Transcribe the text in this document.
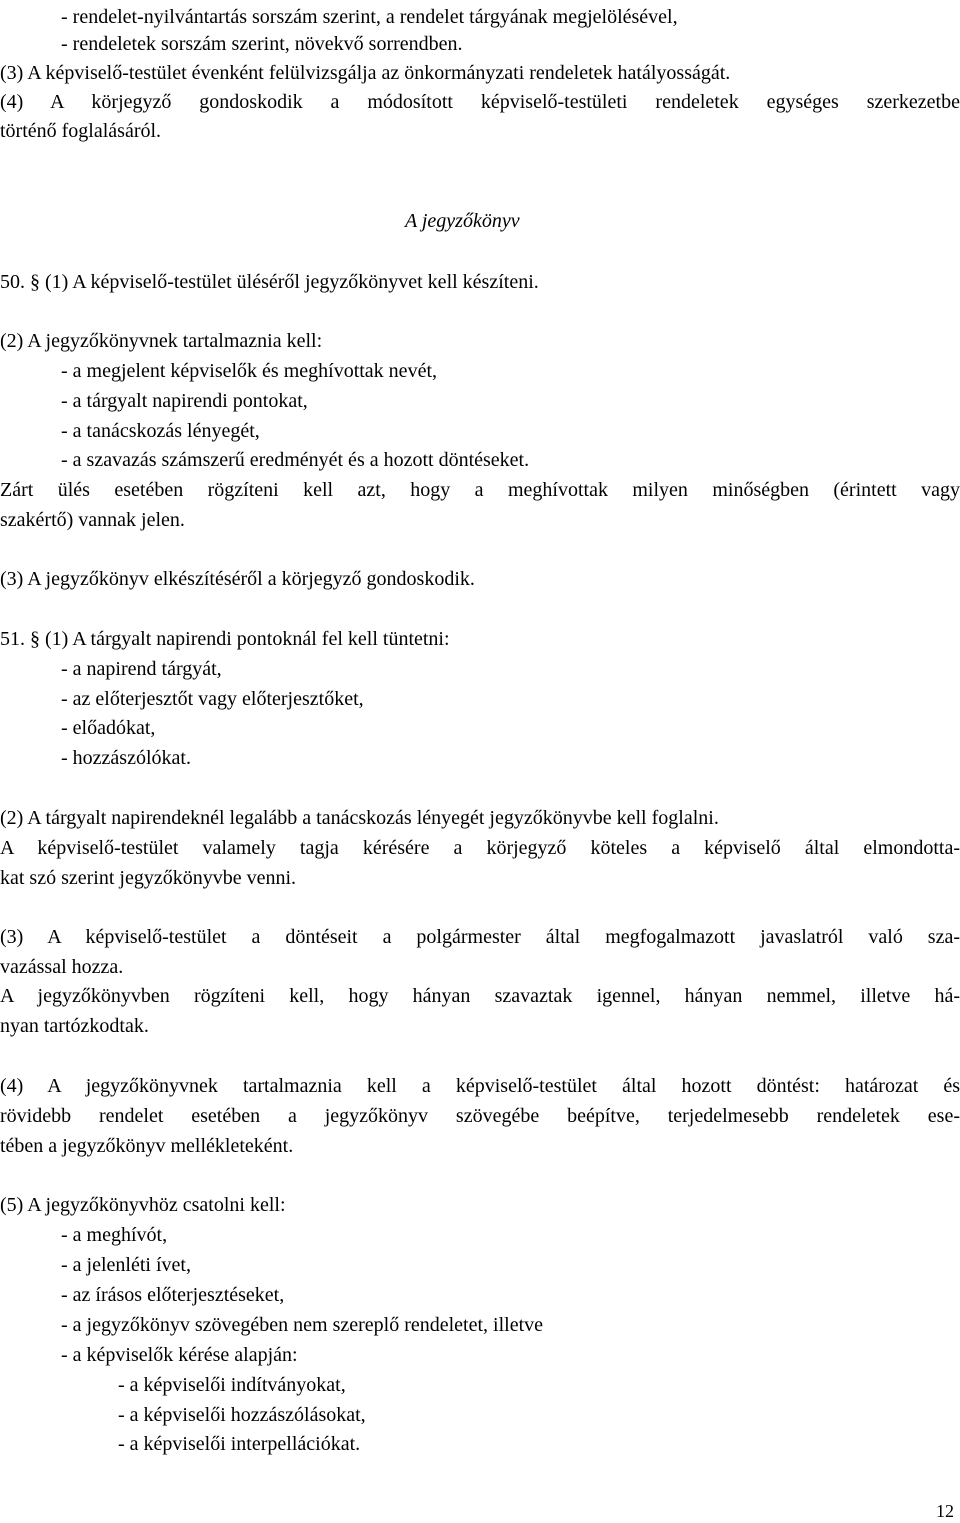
- rendelet-nyilvántartás sorszám szerint, a rendelet tárgyának megjelölésével,
- rendeletek sorszám szerint, növekvő sorrendben.
(3) A képviselő-testület évenként felülvizsgálja az önkormányzati rendeletek hatályosságát.
(4) A körjegyző gondoskodik a módosított képviselő-testületi rendeletek egységes szerkezetbe
történő foglalásáról.
A jegyzőkönyv
50. § (1) A képviselő-testület üléséről jegyzőkönyvet kell készíteni.
(2) A jegyzőkönyvnek tartalmaznia kell:
- a megjelent képviselők és meghívottak nevét,
- a tárgyalt napirendi pontokat,
- a tanácskozás lényegét,
- a szavazás számszerű eredményét és a hozott döntéseket.
Zárt ülés esetében rögzíteni kell azt, hogy a meghívottak milyen minőségben (érintett vagy
szakértő) vannak jelen.
(3) A jegyzőkönyv elkészítéséről a körjegyző gondoskodik.
51. § (1) A tárgyalt napirendi pontoknál fel kell tüntetni:
- a napirend tárgyát,
- az előterjesztőt vagy előterjesztőket,
- előadókat,
- hozzászólókat.
(2) A tárgyalt napirendeknél legalább a tanácskozás lényegét jegyzőkönyvbe kell foglalni.
A képviselő-testület valamely tagja kérésére a körjegyző köteles a képviselő által elmondotta-
kat szó szerint jegyzőkönyvbe venni.
(3) A képviselő-testület a döntéseit a polgármester által megfogalmazott javaslatról való sza-
vazással hozza.
A jegyzőkönyvben rögzíteni kell, hogy hányan szavaztak igennel, hányan nemmel, illetve há-
nyan tartózkodtak.
(4) A jegyzőkönyvnek tartalmaznia kell a képviselő-testület által hozott döntést: határozat és
rövidebb rendelet esetében a jegyzőkönyv szövegébe beépítve, terjedelmesebb rendeletek ese-
tében a jegyzőkönyv mellékleteként.
(5) A jegyzőkönyvhöz csatolni kell:
- a meghívót,
- a jelenléti ívet,
- az írásos előterjesztéseket,
- a jegyzőkönyv szövegében nem szereplő rendeletet, illetve
- a képviselők kérése alapján:
- a képviselői indítványokat,
- a képviselői hozzászólásokat,
- a képviselői interpellációkat.
12
